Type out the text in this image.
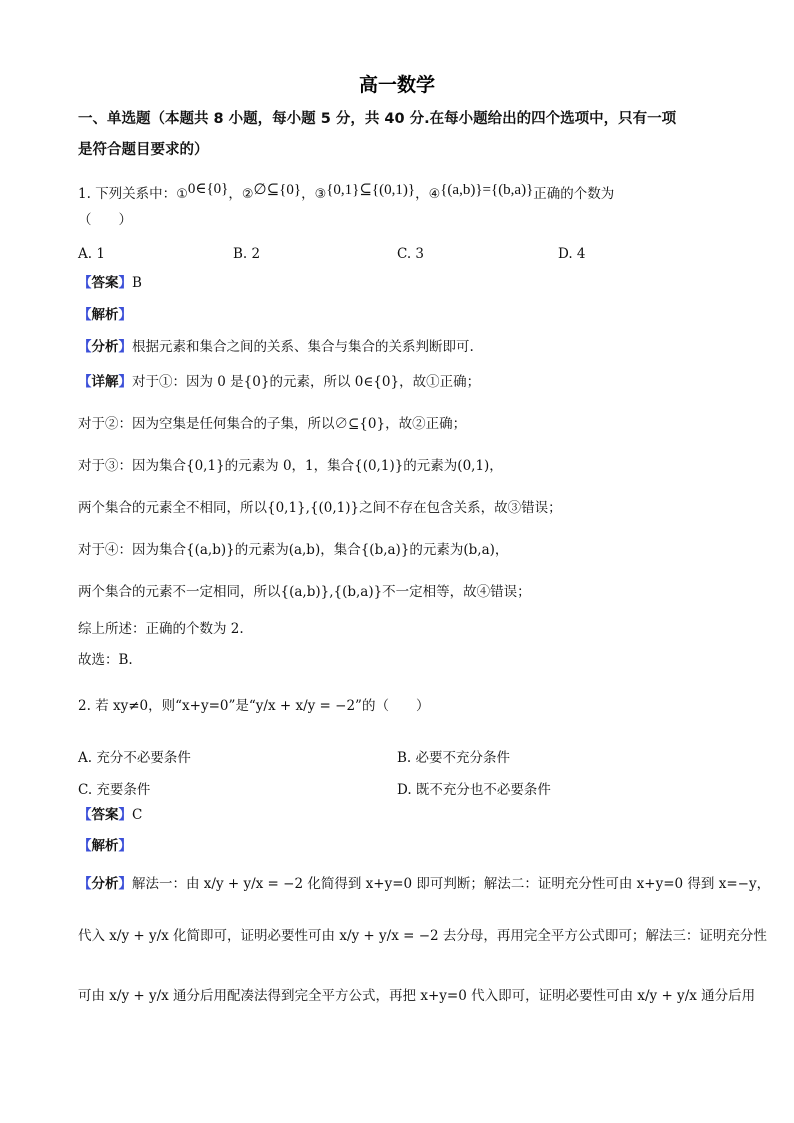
高一数学
一、单选题（本题共 8 小题，每小题 5 分，共 40 分.在每小题给出的四个选项中，只有一项
是符合题目要求的）
1. 下列关系中：①0∈{0}，②∅⊆{0}，③{0,1}⊆{(0,1)}，④{(a,b)}={(b,a)}正确的个数为
（　　）
A. 1	B. 2	C. 3	D. 4
【答案】B
【解析】
【分析】根据元素和集合之间的关系、集合与集合的关系判断即可.
【详解】对于①：因为 0 是{0}的元素，所以 0∈{0}，故①正确；
对于②：因为空集是任何集合的子集，所以∅⊆{0}，故②正确；
对于③：因为集合{0,1}的元素为 0，1，集合{(0,1)}的元素为(0,1)，
两个集合的元素全不相同，所以{0,1},{(0,1)}之间不存在包含关系，故③错误；
对于④：因为集合{(a,b)}的元素为(a,b)，集合{(b,a)}的元素为(b,a)，
两个集合的元素不一定相同，所以{(a,b)},{(b,a)}不一定相等，故④错误；
综上所述：正确的个数为 2.
故选：B.
2. 若 xy≠0，则“x+y=0”是“y/x + x/y = −2”的（　　）
A. 充分不必要条件	B. 必要不充分条件
C. 充要条件	D. 既不充分也不必要条件
【答案】C
【解析】
【分析】解法一：由 x/y + y/x = −2 化简得到 x+y=0 即可判断；解法二：证明充分性可由 x+y=0 得到 x=−y，
代入 x/y + y/x 化简即可，证明必要性可由 x/y + y/x = −2 去分母，再用完全平方公式即可；解法三：证明充分性
可由 x/y + y/x 通分后用配凑法得到完全平方公式，再把 x+y=0 代入即可，证明必要性可由 x/y + y/x 通分后用
